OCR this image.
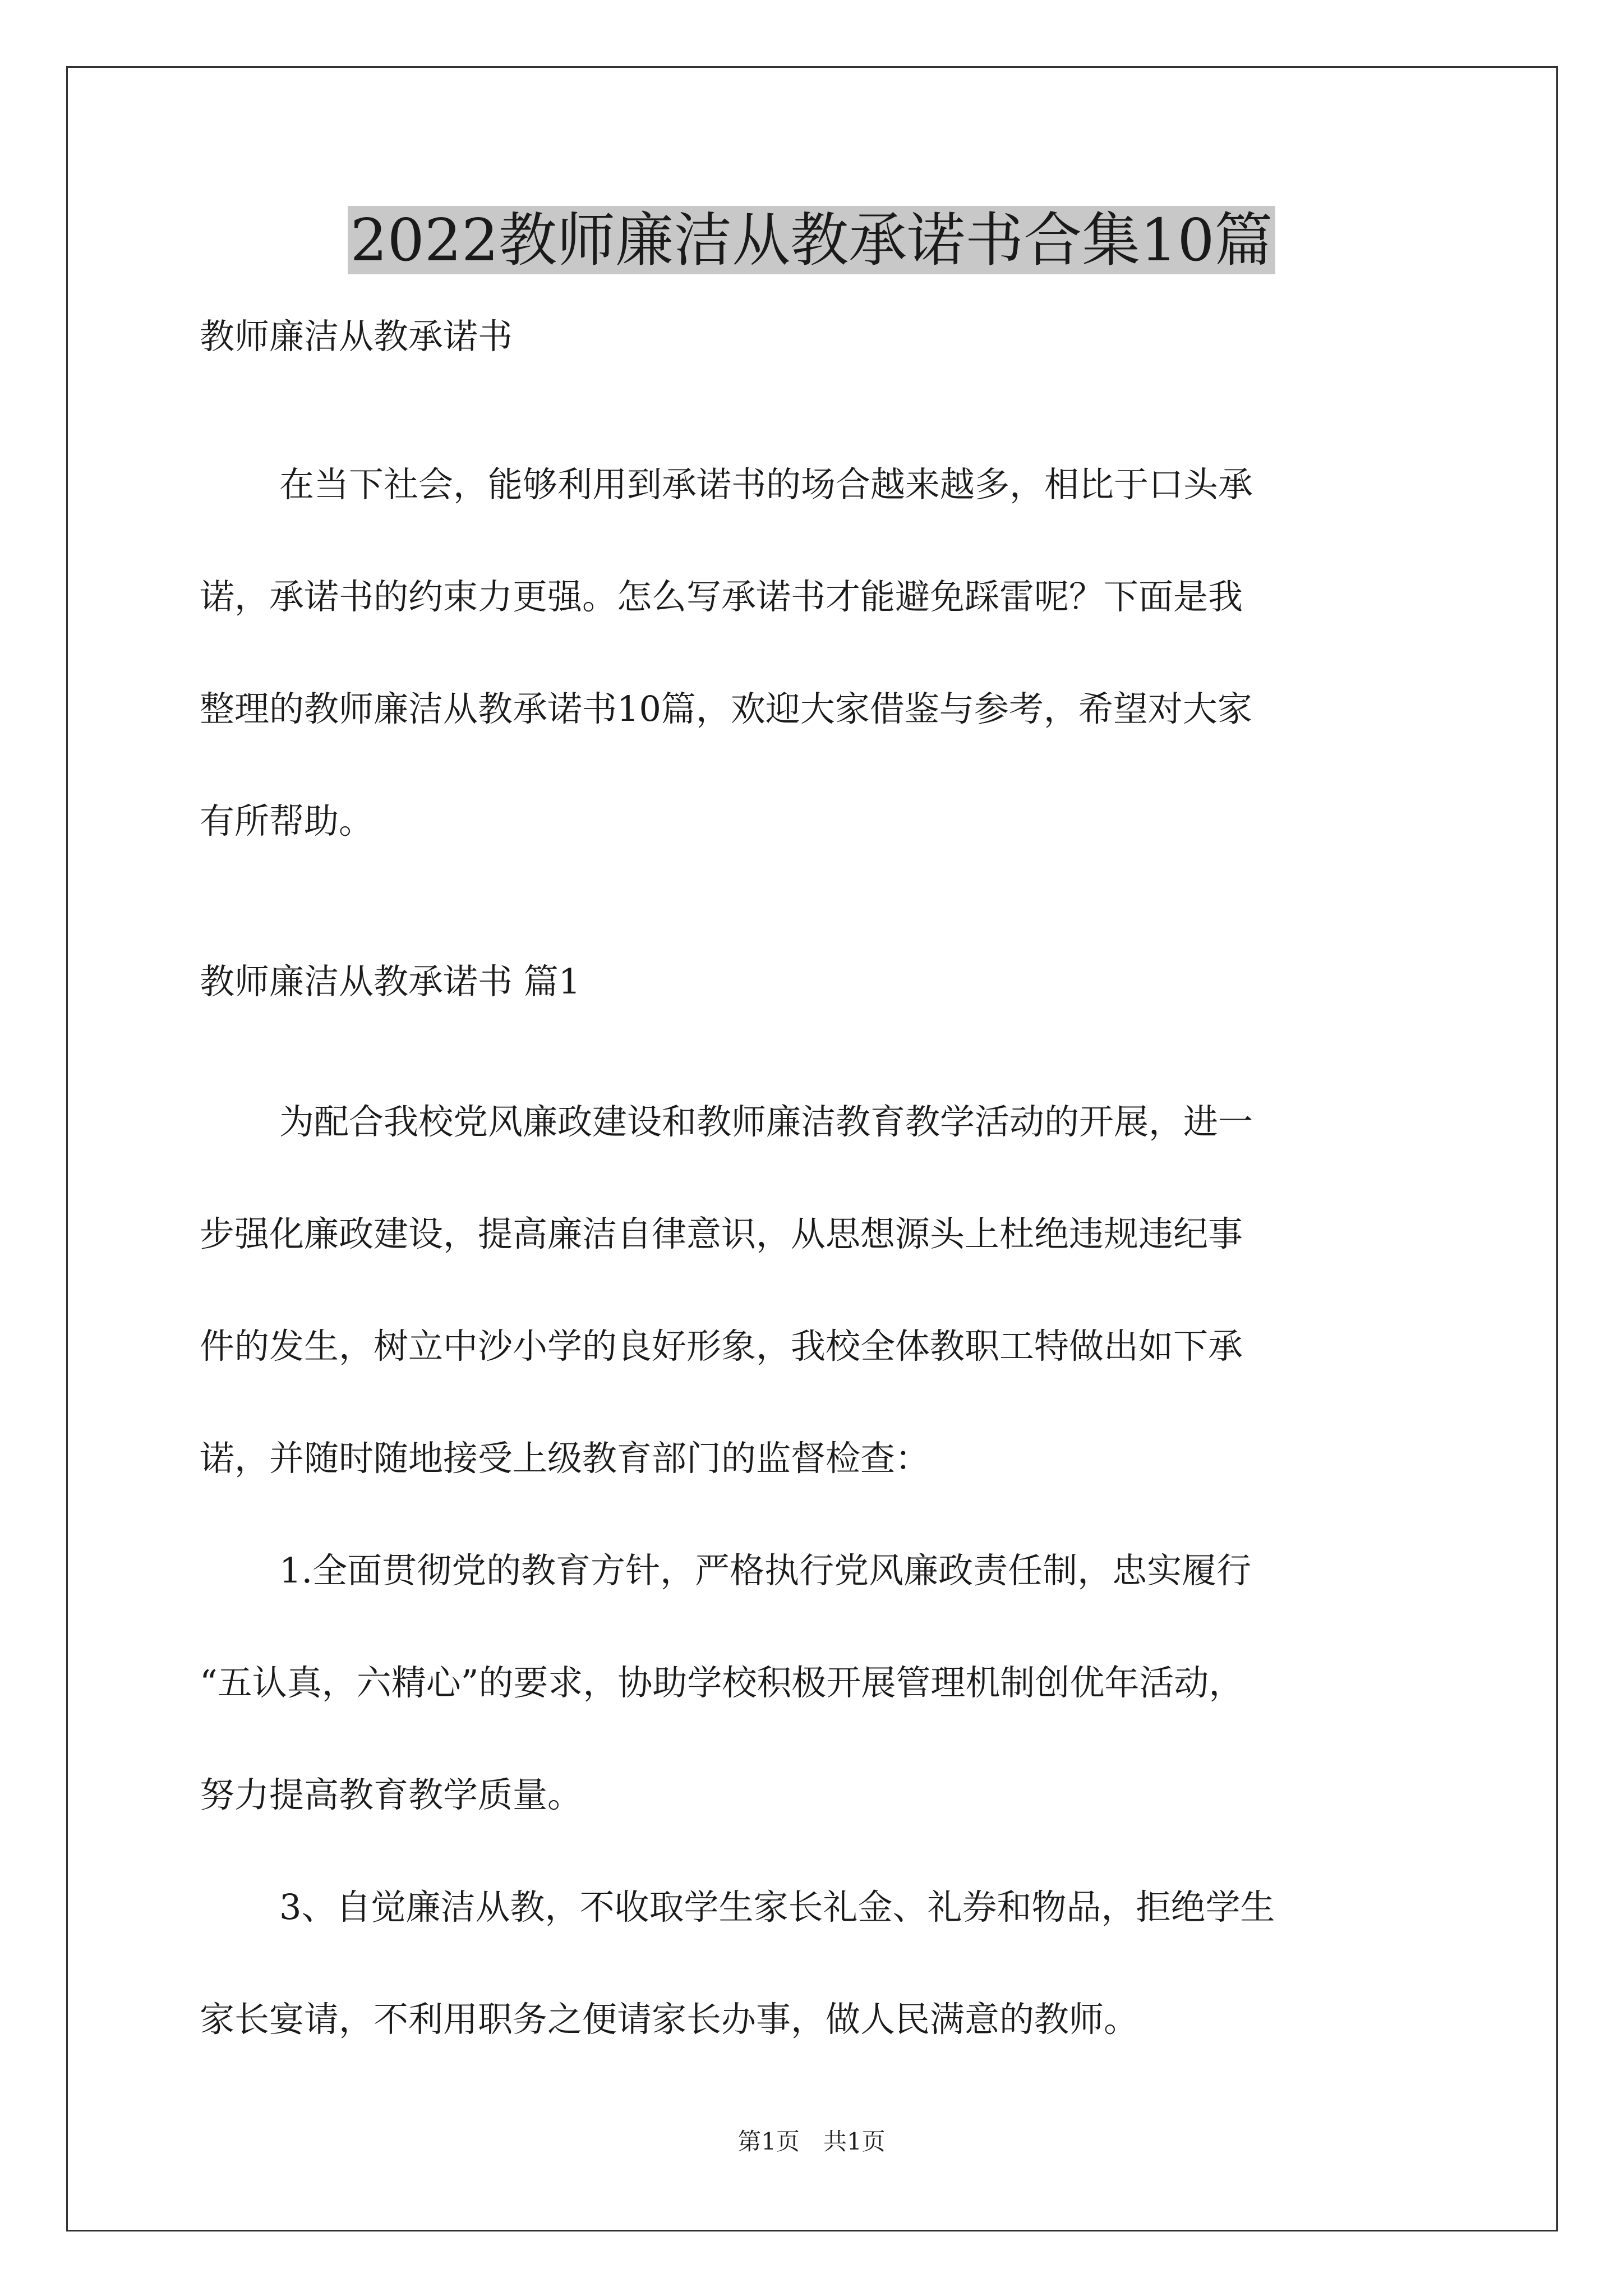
2022教师廉洁从教承诺书合集10篇

教师廉洁从教承诺书

在当下社会，能够利用到承诺书的场合越来越多，相比于口头承

诺，承诺书的约束力更强。怎么写承诺书才能避免踩雷呢？下面是我

整理的教师廉洁从教承诺书10篇，欢迎大家借鉴与参考，希望对大家

有所帮助。

教师廉洁从教承诺书 篇1

为配合我校党风廉政建设和教师廉洁教育教学活动的开展，进一

步强化廉政建设，提高廉洁自律意识，从思想源头上杜绝违规违纪事

件的发生，树立中沙小学的良好形象，我校全体教职工特做出如下承

诺，并随时随地接受上级教育部门的监督检查：

1.全面贯彻党的教育方针，严格执行党风廉政责任制，忠实履行

“五认真，六精心”的要求，协助学校积极开展管理机制创优年活动，

努力提高教育教学质量。

3、自觉廉洁从教，不收取学生家长礼金、礼券和物品，拒绝学生

家长宴请，不利用职务之便请家长办事，做人民满意的教师。

第1页　共1页
